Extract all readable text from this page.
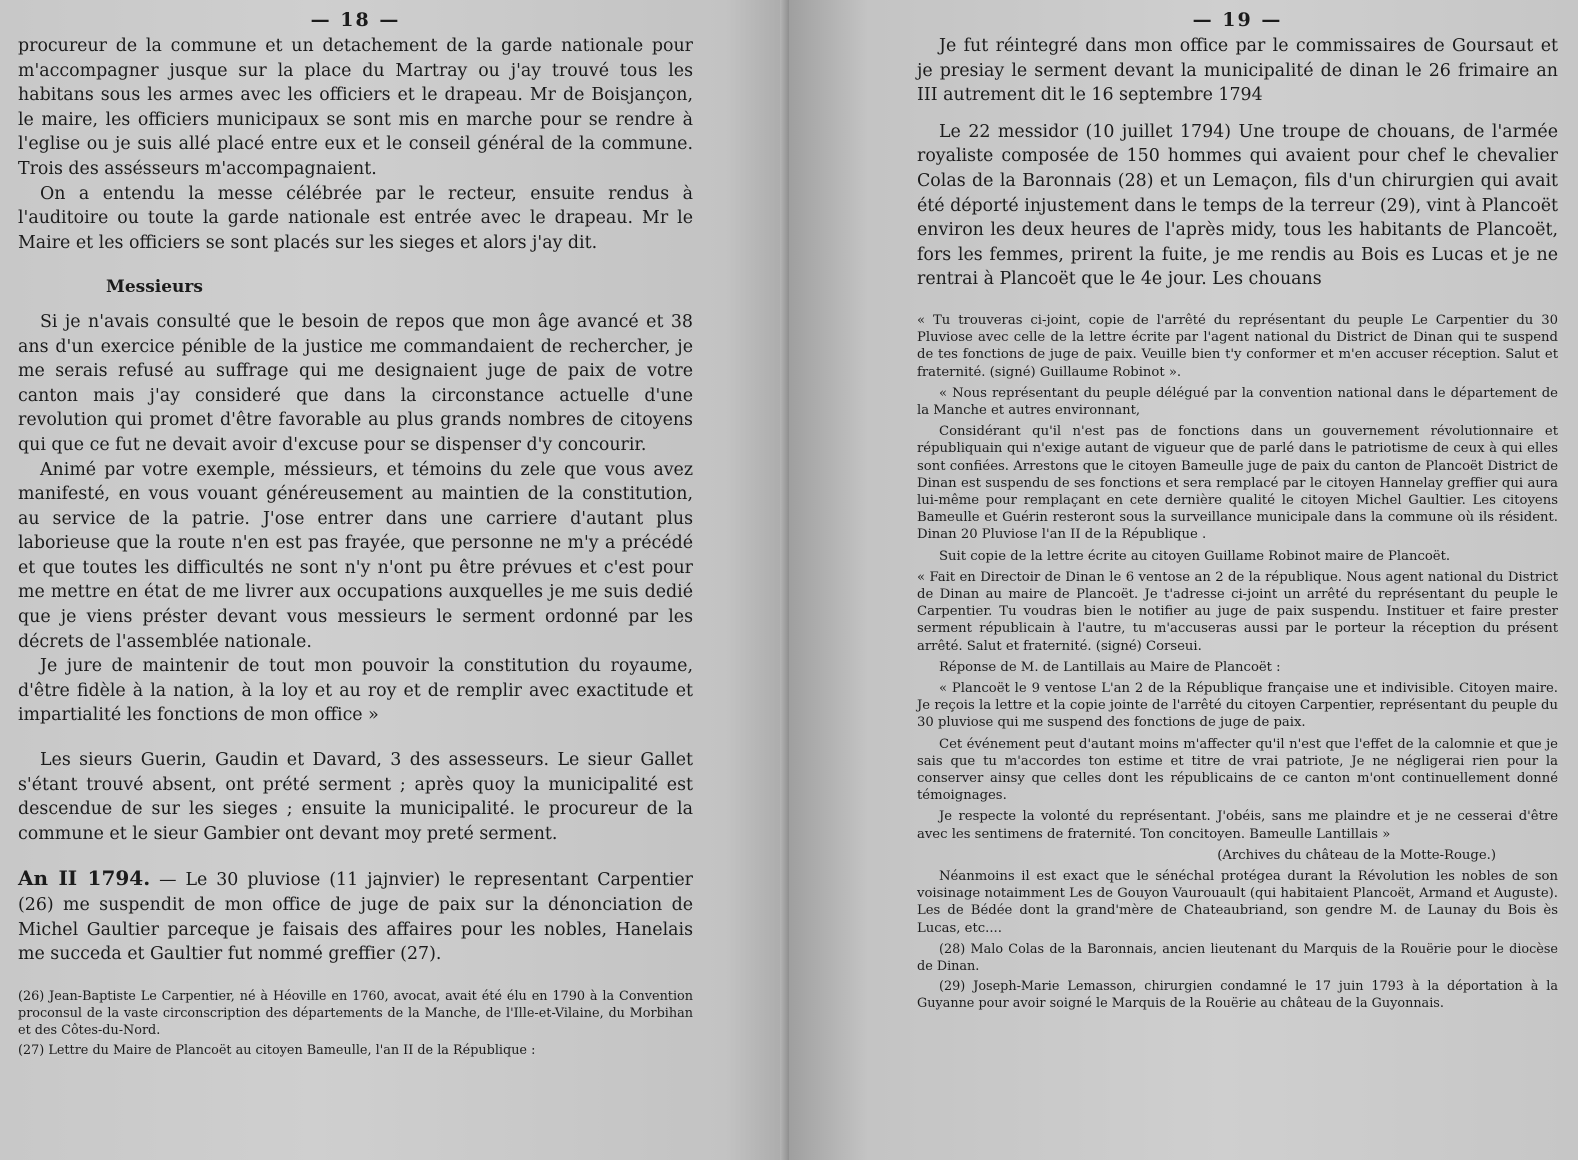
— 18 —

procureur de la commune et un detachement de la garde nationale pour m'accompagner jusque sur la place du Martray ou j'ay trouvé tous les habitans sous les armes avec les officiers et le drapeau. Mr de Boisjançon, le maire, les officiers municipaux se sont mis en marche pour se rendre à l'eglise ou je suis allé placé entre eux et le conseil général de la commune. Trois des assésseurs m'accompagnaient.

On a entendu la messe célébrée par le recteur, ensuite rendus à l'auditoire ou toute la garde nationale est entrée avec le drapeau. Mr le Maire et les officiers se sont placés sur les sieges et alors j'ay dit.

Messieurs

Si je n'avais consulté que le besoin de repos que mon âge avancé et 38 ans d'un exercice pénible de la justice me commandaient de rechercher, je me serais refusé au suffrage qui me designaient juge de paix de votre canton mais j'ay consideré que dans la circonstance actuelle d'une revolution qui promet d'être favorable au plus grands nombres de citoyens qui que ce fut ne devait avoir d'excuse pour se dispenser d'y concourir.

Animé par votre exemple, méssieurs, et témoins du zele que vous avez manifesté, en vous vouant généreusement au maintien de la constitution, au service de la patrie. J'ose entrer dans une carriere d'autant plus laborieuse que la route n'en est pas frayée, que personne ne m'y a précédé et que toutes les difficultés ne sont n'y n'ont pu être prévues et c'est pour me mettre en état de me livrer aux occupations auxquelles je me suis dedié que je viens préster devant vous messieurs le serment ordonné par les décrets de l'assemblée nationale.

Je jure de maintenir de tout mon pouvoir la constitution du royaume, d'être fidèle à la nation, à la loy et au roy et de remplir avec exactitude et impartialité les fonctions de mon office »

Les sieurs Guerin, Gaudin et Davard, 3 des assesseurs. Le sieur Gallet s'étant trouvé absent, ont prété serment ; après quoy la municipalité est descendue de sur les sieges ; ensuite la municipalité. le procureur de la commune et le sieur Gambier ont devant moy preté serment.

An II 1794. — Le 30 pluviose (11 jajnvier) le representant Carpentier (26) me suspendit de mon office de juge de paix sur la dénonciation de Michel Gaultier parceque je faisais des affaires pour les nobles, Hanelais me succeda et Gaultier fut nommé greffier (27).

(26) Jean-Baptiste Le Carpentier, né à Héoville en 1760, avocat, avait été élu en 1790 à la Convention proconsul de la vaste circonscription des départements de la Manche, de l'Ille-et-Vilaine, du Morbihan et des Côtes-du-Nord.

(27) Lettre du Maire de Plancoët au citoyen Bameulle, l'an II de la République :

— 19 —

Je fut réintegré dans mon office par le commissaires de Goursaut et je presiay le serment devant la municipalité de dinan le 26 frimaire an III autrement dit le 16 septembre 1794

Le 22 messidor (10 juillet 1794) Une troupe de chouans, de l'armée royaliste composée de 150 hommes qui avaient pour chef le chevalier Colas de la Baronnais (28) et un Lemaçon, fils d'un chirurgien qui avait été déporté injustement dans le temps de la terreur (29), vint à Plancoët environ les deux heures de l'après midy, tous les habitants de Plancoët, fors les femmes, prirent la fuite, je me rendis au Bois es Lucas et je ne rentrai à Plancoët que le 4e jour. Les chouans

« Tu trouveras ci-joint, copie de l'arrêté du représentant du peuple Le Carpentier du 30 Pluviose avec celle de la lettre écrite par l'agent national du District de Dinan qui te suspend de tes fonctions de juge de paix. Veuille bien t'y conformer et m'en accuser réception. Salut et fraternité. (signé) Guillaume Robinot ».

« Nous représentant du peuple délégué par la convention national dans le département de la Manche et autres environnant,

Considérant qu'il n'est pas de fonctions dans un gouvernement révolutionnaire et républiquain qui n'exige autant de vigueur que de parlé dans le patriotisme de ceux à qui elles sont confiées. Arrestons que le citoyen Bameulle juge de paix du canton de Plancoët District de Dinan est suspendu de ses fonctions et sera remplacé par le citoyen Hannelay greffier qui aura lui-même pour remplaçant en cete dernière qualité le citoyen Michel Gaultier. Les citoyens Bameulle et Guérin resteront sous la surveillance municipale dans la commune où ils résident. Dinan 20 Pluviose l'an II de la République .

Suit copie de la lettre écrite au citoyen Guillame Robinot maire de Plancoët.

« Fait en Directoir de Dinan le 6 ventose an 2 de la république. Nous agent national du District de Dinan au maire de Plancoët. Je t'adresse ci-joint un arrêté du représentant du peuple le Carpentier. Tu voudras bien le notifier au juge de paix suspendu. Instituer et faire prester serment républicain à l'autre, tu m'accuseras aussi par le porteur la réception du présent arrêté. Salut et fraternité. (signé) Corseui.

Réponse de M. de Lantillais au Maire de Plancoët :

« Plancoët le 9 ventose L'an 2 de la République française une et indivisible. Citoyen maire. Je reçois la lettre et la copie jointe de l'arrêté du citoyen Carpentier, représentant du peuple du 30 pluviose qui me suspend des fonctions de juge de paix.

Cet événement peut d'autant moins m'affecter qu'il n'est que l'effet de la calomnie et que je sais que tu m'accordes ton estime et titre de vrai patriote, Je ne négligerai rien pour la conserver ainsy que celles dont les républicains de ce canton m'ont continuellement donné témoignages.

Je respecte la volonté du représentant. J'obéis, sans me plaindre et je ne cesserai d'être avec les sentimens de fraternité. Ton concitoyen. Bameulle Lantillais »

(Archives du château de la Motte-Rouge.)

Néanmoins il est exact que le sénéchal protégea durant la Révolution les nobles de son voisinage notaimment Les de Gouyon Vaurouault (qui habitaient Plancoët, Armand et Auguste). Les de Bédée dont la grand'mère de Chateaubriand, son gendre M. de Launay du Bois ès Lucas, etc....

(28) Malo Colas de la Baronnais, ancien lieutenant du Marquis de la Rouërie pour le diocèse de Dinan.

(29) Joseph-Marie Lemasson, chirurgien condamné le 17 juin 1793 à la déportation à la Guyanne pour avoir soigné le Marquis de la Rouërie au château de la Guyonnais.
